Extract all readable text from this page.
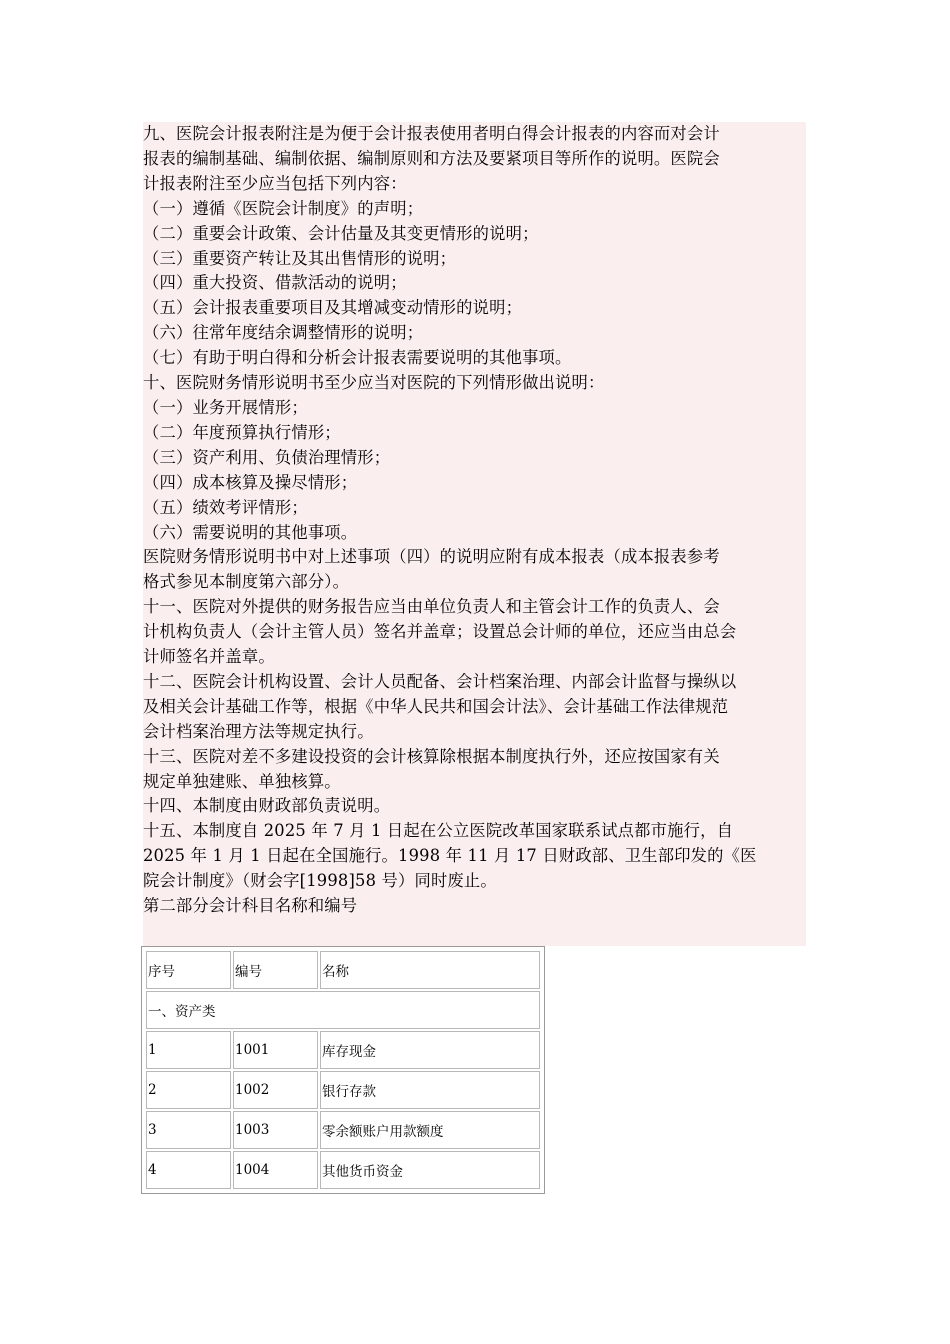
九、医院会计报表附注是为便于会计报表使用者明白得会计报表的内容而对会计
报表的编制基础、编制依据、编制原则和方法及要紧项目等所作的说明。医院会
计报表附注至少应当包括下列内容：
（一）遵循《医院会计制度》的声明；
（二）重要会计政策、会计估量及其变更情形的说明；
（三）重要资产转让及其出售情形的说明；
（四）重大投资、借款活动的说明；
（五）会计报表重要项目及其增减变动情形的说明；
（六）往常年度结余调整情形的说明；
（七）有助于明白得和分析会计报表需要说明的其他事项。
十、医院财务情形说明书至少应当对医院的下列情形做出说明：
（一）业务开展情形；
（二）年度预算执行情形；
（三）资产利用、负债治理情形；
（四）成本核算及操尽情形；
（五）绩效考评情形；
（六）需要说明的其他事项。
医院财务情形说明书中对上述事项（四）的说明应附有成本报表（成本报表参考
格式参见本制度第六部分）。
十一、医院对外提供的财务报告应当由单位负责人和主管会计工作的负责人、会
计机构负责人（会计主管人员）签名并盖章；设置总会计师的单位，还应当由总会
计师签名并盖章。
十二、医院会计机构设置、会计人员配备、会计档案治理、内部会计监督与操纵以
及相关会计基础工作等，根据《中华人民共和国会计法》、会计基础工作法律规范
会计档案治理方法等规定执行。
十三、医院对差不多建设投资的会计核算除根据本制度执行外，还应按国家有关
规定单独建账、单独核算。
十四、本制度由财政部负责说明。
十五、本制度自 2025 年 7 月 1 日起在公立医院改革国家联系试点都市施行，自
2025 年 1 月 1 日起在全国施行。1998 年 11 月 17 日财政部、卫生部印发的《医
院会计制度》（财会字[1998]58 号）同时废止。
第二部分会计科目名称和编号
序号	编号	名称
一、资产类		
1	1001	库存现金
2	1002	银行存款
3	1003	零余额账户用款额度
4	1004	其他货币资金
